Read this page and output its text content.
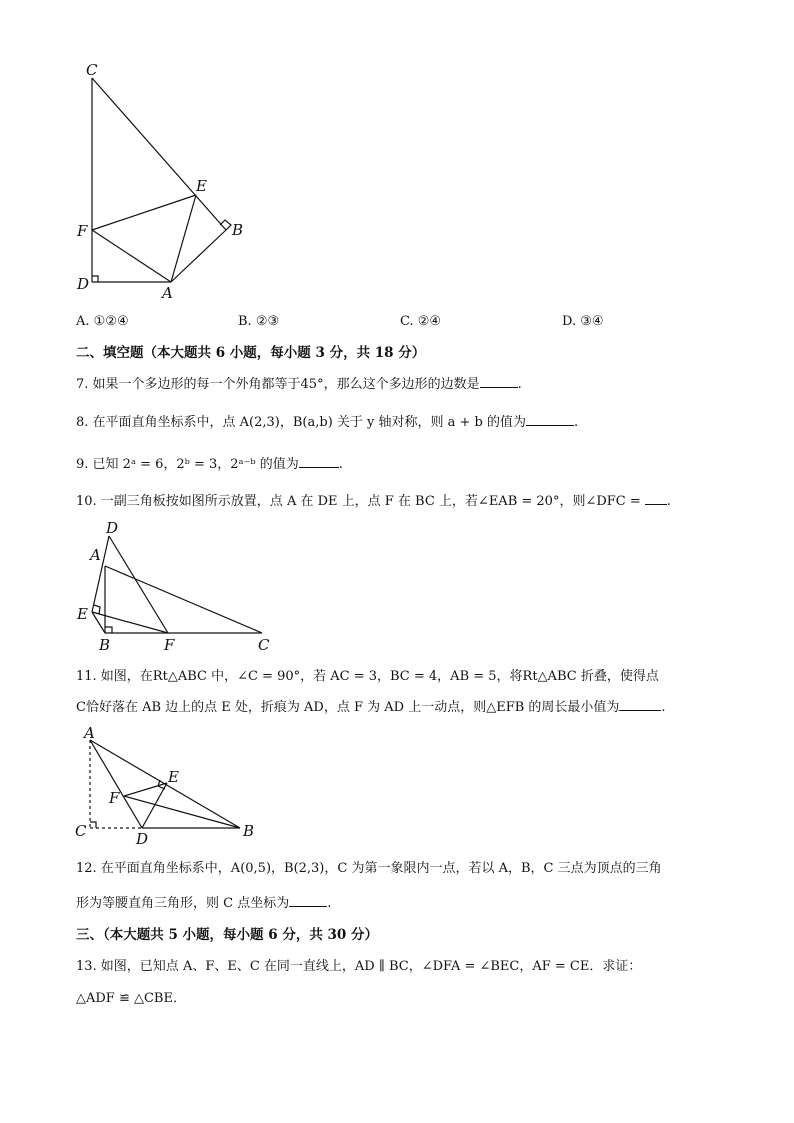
C
E
B
F
D	A
D
A
E
B	F	C
A
E
F
C	D	B
A. ①②④	B. ②③	C. ②④	D. ③④
二、填空题（本大题共 6 小题，每小题 3 分，共 18 分）
7. 如果一个多边形的每一个外角都等于45°，那么这个多边形的边数是	.
8. 在平面直角坐标系中，点 A(2,3)，B(a,b) 关于 y 轴对称，则 a + b 的值为	.
9. 已知 2ᵃ = 6，2ᵇ = 3，2ᵃ⁻ᵇ 的值为	.
10. 一副三角板按如图所示放置，点 A 在 DE 上，点 F 在 BC 上，若∠EAB = 20°，则∠DFC = .
11. 如图，在Rt△ABC 中，∠C = 90°，若 AC = 3，BC = 4，AB = 5，将Rt△ABC 折叠，使得点
C恰好落在 AB 边上的点 E 处，折痕为 AD，点 F 为 AD 上一动点，则△EFB 的周长最小值为	.
12. 在平面直角坐标系中，A(0,5)，B(2,3)，C 为第一象限内一点，若以 A，B，C 三点为顶点的三角
形为等腰直角三角形，则 C 点坐标为	.
三、（本大题共 5 小题，每小题 6 分，共 30 分）
13. 如图，已知点 A、F、E、C 在同一直线上，AD ∥ BC，∠DFA = ∠BEC，AF = CE．求证：
△ADF ≌ △CBE．
